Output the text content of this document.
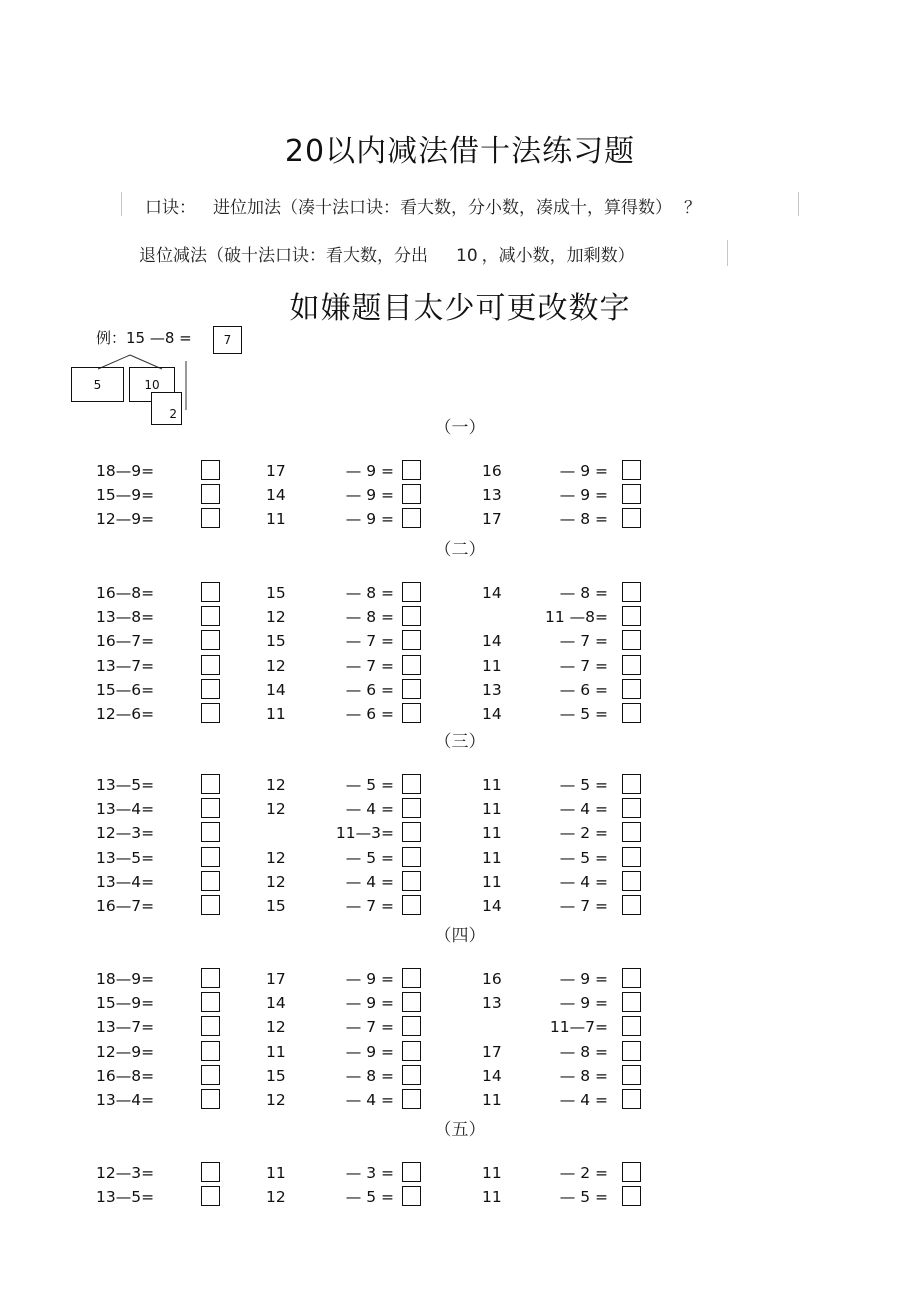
20以内减法借十法练习题
口诀： 进位加法（凑十法口诀：看大数，分小数，凑成十，算得数） ？
退位减法（破十法口诀：看大数，分出 10 ，减小数，加剩数）
如嫌题目太少可更改数字
例：15 —8 =	7
5	10
2
（一）
18—9=	17	— 9 =	16	— 9 =
15—9=	14	— 9 =	13	— 9 =
12—9=	11	— 9 =	17	— 8 =
（二）
16—8=	15	— 8 =	14	— 8 =
13—8=	12	— 8 =	11 —8=
16—7=	15	— 7 =	14	— 7 =
13—7=	12	— 7 =	11	— 7 =
15—6=	14	— 6 =	13	— 6 =
12—6=	11	— 6 =	14	— 5 =
（三）
13—5=	12	— 5 =	11	— 5 =
13—4=	12	— 4 =	11	— 4 =
12—3=	11—3=	11	— 2 =
13—5=	12	— 5 =	11	— 5 =
13—4=	12	— 4 =	11	— 4 =
16—7=	15	— 7 =	14	— 7 =
（四）
18—9=	17	— 9 =	16	— 9 =
15—9=	14	— 9 =	13	— 9 =
13—7=	12	— 7 =	11—7=
12—9=	11	— 9 =	17	— 8 =
16—8=	15	— 8 =	14	— 8 =
13—4=	12	— 4 =	11	— 4 =
（五）
12—3=	11	— 3 =	11	— 2 =
13—5=	12	— 5 =	11	— 5 =
